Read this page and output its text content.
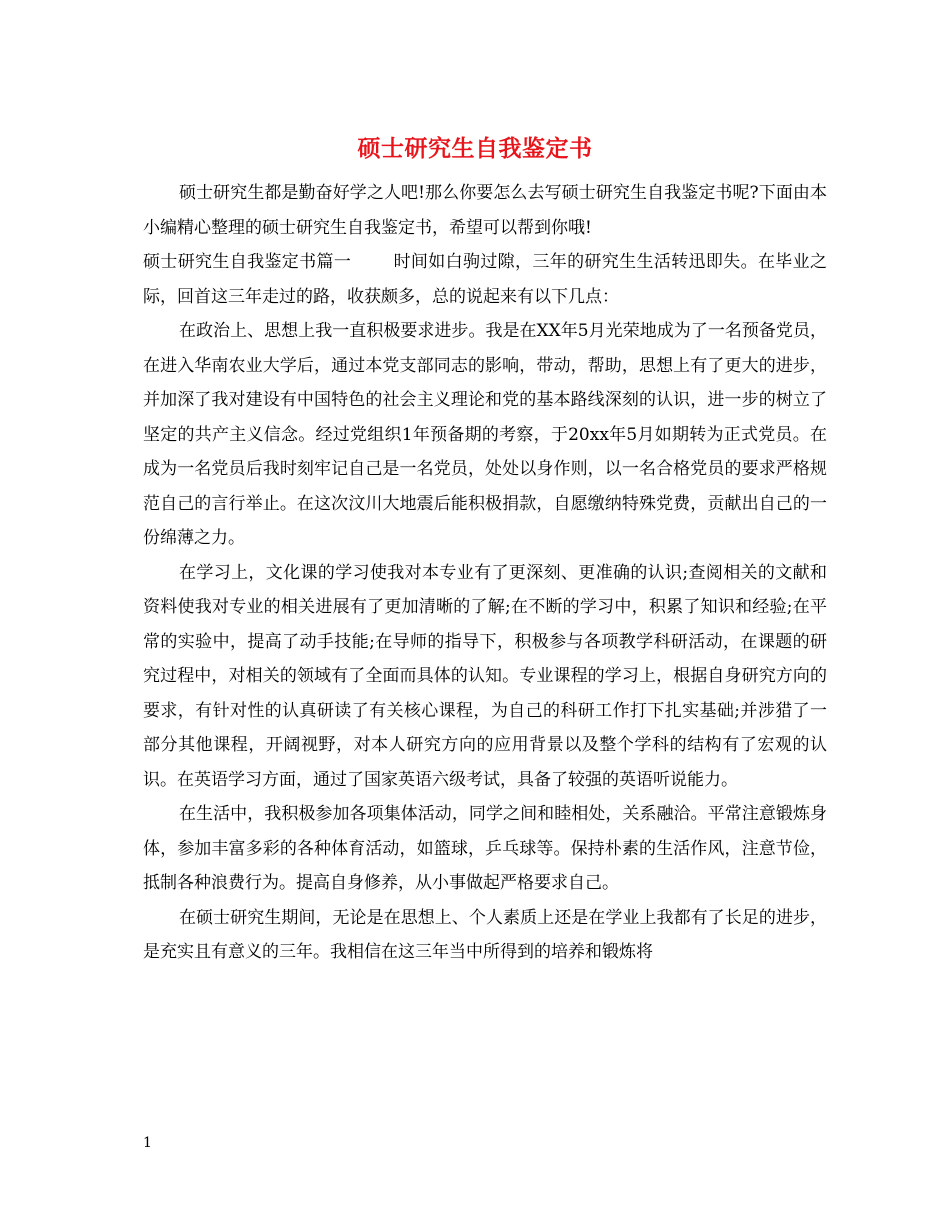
硕士研究生自我鉴定书

硕士研究生都是勤奋好学之人吧!那么你要怎么去写硕士研究生自我鉴定书呢?下面由本小编精心整理的硕士研究生自我鉴定书，希望可以帮到你哦!

硕士研究生自我鉴定书篇一 时间如白驹过隙，三年的研究生生活转迅即失。在毕业之际，回首这三年走过的路，收获颇多，总的说起来有以下几点：

在政治上、思想上我一直积极要求进步。我是在XX年5月光荣地成为了一名预备党员，在进入华南农业大学后，通过本党支部同志的影响，带动，帮助，思想上有了更大的进步，并加深了我对建设有中国特色的社会主义理论和党的基本路线深刻的认识，进一步的树立了坚定的共产主义信念。经过党组织1年预备期的考察，于20xx年5月如期转为正式党员。在成为一名党员后我时刻牢记自己是一名党员，处处以身作则，以一名合格党员的要求严格规范自己的言行举止。在这次汶川大地震后能积极捐款，自愿缴纳特殊党费，贡献出自己的一份绵薄之力。

在学习上，文化课的学习使我对本专业有了更深刻、更准确的认识;查阅相关的文献和资料使我对专业的相关进展有了更加清晰的了解;在不断的学习中，积累了知识和经验;在平常的实验中，提高了动手技能;在导师的指导下，积极参与各项教学科研活动，在课题的研究过程中，对相关的领域有了全面而具体的认知。专业课程的学习上，根据自身研究方向的要求，有针对性的认真研读了有关核心课程，为自己的科研工作打下扎实基础;并涉猎了一部分其他课程，开阔视野，对本人研究方向的应用背景以及整个学科的结构有了宏观的认识。在英语学习方面，通过了国家英语六级考试，具备了较强的英语听说能力。

在生活中，我积极参加各项集体活动，同学之间和睦相处，关系融洽。平常注意锻炼身体，参加丰富多彩的各种体育活动，如篮球，乒乓球等。保持朴素的生活作风，注意节俭，抵制各种浪费行为。提高自身修养，从小事做起严格要求自己。

在硕士研究生期间，无论是在思想上、个人素质上还是在学业上我都有了长足的进步，是充实且有意义的三年。我相信在这三年当中所得到的培养和锻炼将

1
